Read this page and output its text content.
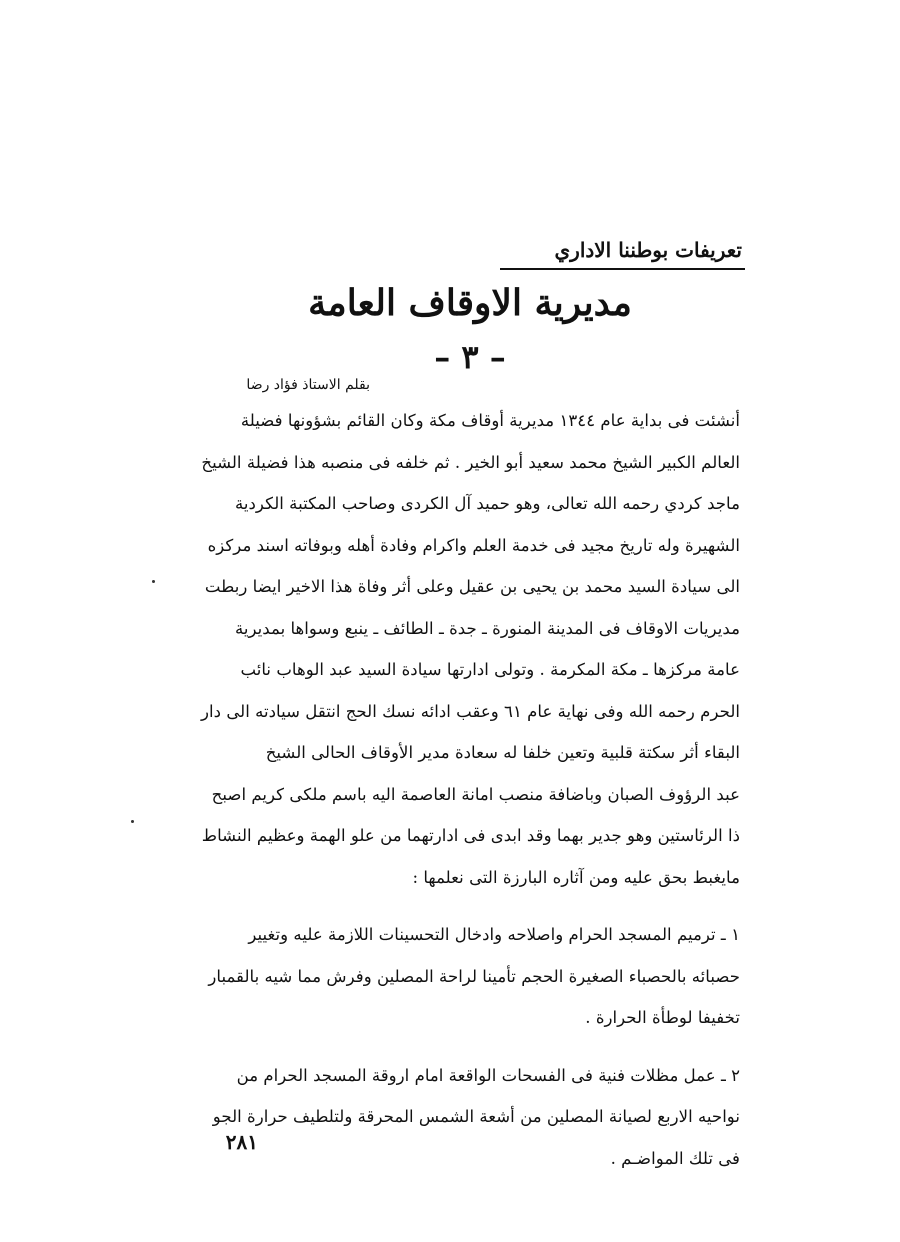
تعريفات بوطننا الاداري
مديرية الاوقاف العامة
– ٣ –
بقلم الاستاذ فؤاد رضا
أنشئت فى بداية عام ١٣٤٤ مديرية أوقاف مكة وكان القائم بشؤونها فضيلة
العالم الكبير الشيخ محمد سعيد أبو الخير . ثم خلفه فى منصبه هذا فضيلة الشيخ
ماجد كردي رحمه الله تعالى، وهو حميد آل الكردى وصاحب المكتبة الكردية
الشهيرة وله تاريخ مجيد فى خدمة العلم واكرام وفادة أهله وبوفاته اسند مركزه
الى سيادة السيد محمد بن يحيى بن عقيل وعلى أثر وفاة هذا الاخير ايضا ربطت
مديريات الاوقاف فى المدينة المنورة ـ جدة ـ الطائف ـ ينبع وسواها بمديرية
عامة مركزها ـ مكة المكرمة . وتولى ادارتها سيادة السيد عبد الوهاب نائب
الحرم رحمه الله وفى نهاية عام ٦١ وعقب ادائه نسك الحج انتقل سيادته الى دار
البقاء أثر سكتة قلبية وتعين خلفا له سعادة مدير الأوقاف الحالى الشيخ
عبد الرؤوف الصبان وباضافة منصب امانة العاصمة اليه باسم ملكى كريم اصبح
ذا الرئاستين وهو جدير بهما وقد ابدى فى ادارتهما من علو الهمة وعظيم النشاط
مايغبط بحق عليه ومن آثاره البارزة التى نعلمها :
١ ـ ترميم المسجد الحرام واصلاحه وادخال التحسينات اللازمة عليه وتغيير
حصبائه بالحصباء الصغيرة الحجم تأمينا لراحة المصلين وفرش مما شيه بالقمبار
تخفيفا لوطأة الحرارة .
٢ ـ عمل مظلات فنية فى الفسحات الواقعة امام اروقة المسجد الحرام من
نواحيه الاربع لصيانة المصلين من أشعة الشمس المحرقة ولتلطيف حرارة الجو
فى تلك المواضـم .
٢٨١
